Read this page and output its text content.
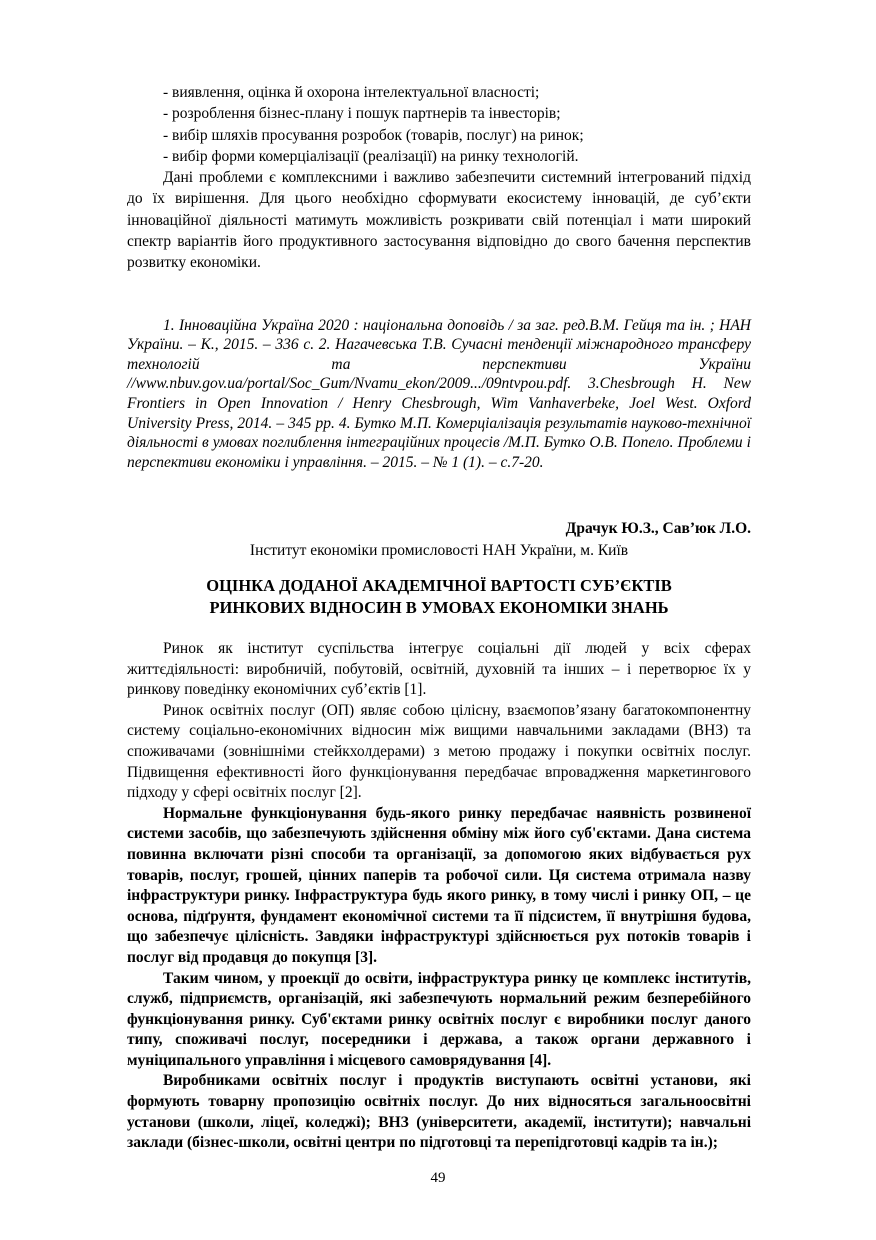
- виявлення, оцінка й охорона інтелектуальної власності;

- розроблення бізнес-плану і пошук партнерів та інвесторів;

- вибір шляхів просування розробок (товарів, послуг) на ринок;

- вибір форми комерціалізації (реалізації) на ринку технологій.

Дані проблеми є комплексними і важливо забезпечити системний інтегрований підхід до їх вирішення. Для цього необхідно сформувати екосистему інновацій, де суб’єкти інноваційної діяльності матимуть можливість розкривати свій потенціал і мати широкий спектр варіантів його продуктивного застосування відповідно до свого бачення перспектив розвитку економіки.

1. Інноваційна Україна 2020 : національна доповідь / за заг. ред.В.М. Гейця та ін. ; НАН України. – К., 2015. – 336 с. 2. Нагачевська Т.В. Сучасні тенденції міжнародного трансферу технологій та перспективи України //www.nbuv.gov.ua/portal/Soc_Gum/Nvamu_ekon/2009.../09ntvpou.pdf. 3.Chesbrough H. New Frontiers in Open Innovation / Henry Chesbrough, Wim Vanhaverbeke, Joel West. Oxford University Press, 2014. – 345 pp. 4. Бутко М.П. Комерціалізація результатів науково-технічної діяльності в умовах поглиблення інтеграційних процесів /М.П. Бутко О.В. Попело. Проблеми і перспективи економіки і управління. – 2015. – № 1 (1). – с.7-20.

Драчук Ю.З., Сав’юк Л.О.

Інститут економіки промисловості НАН України, м. Київ

ОЦІНКА ДОДАНОЇ АКАДЕМІЧНОЇ ВАРТОСТІ СУБ’ЄКТІВ
РИНКОВИХ ВІДНОСИН В УМОВАХ ЕКОНОМІКИ ЗНАНЬ

Ринок як інститут суспільства інтегрує соціальні дії людей у всіх сферах життєдіяльності: виробничій, побутовій, освітній, духовній та інших – і перетворює їх у ринкову поведінку економічних суб’єктів [1].

Ринок освітніх послуг (ОП) являє собою цілісну, взаємопов’язану багатокомпонентну систему соціально-економічних відносин між вищими навчальними закладами (ВНЗ) та споживачами (зовнішніми стейкхолдерами) з метою продажу і покупки освітніх послуг. Підвищення ефективності його функціонування передбачає впровадження маркетингового підходу у сфері освітніх послуг [2].

Нормальне функціонування будь-якого ринку передбачає наявність розвиненої системи засобів, що забезпечують здійснення обміну між його суб'єктами. Дана система повинна включати різні способи та організації, за допомогою яких відбувається рух товарів, послуг, грошей, цінних паперів та робочої сили. Ця система отримала назву інфраструктури ринку. Інфраструктура будь якого ринку, в тому числі і ринку ОП, – це основа, підґрунтя, фундамент економічної системи та її підсистем, її внутрішня будова, що забезпечує цілісність. Завдяки інфраструктурі здійснюється рух потоків товарів і послуг від продавця до покупця [3].

Таким чином, у проекції до освіти, інфраструктура ринку це комплекс інститутів, служб, підприємств, організацій, які забезпечують нормальний режим безперебійного функціонування ринку. Суб'єктами ринку освітніх послуг є виробники послуг даного типу, споживачі послуг, посередники і держава, а також органи державного і муніципального управління і місцевого самоврядування [4].

Виробниками освітніх послуг і продуктів виступають освітні установи, які формують товарну пропозицію освітніх послуг. До них відносяться загальноосвітні установи (школи, ліцеї, коледжі); ВНЗ (університети, академії, інститути); навчальні заклади (бізнес-школи, освітні центри по підготовці та перепідготовці кадрів та ін.);

49
